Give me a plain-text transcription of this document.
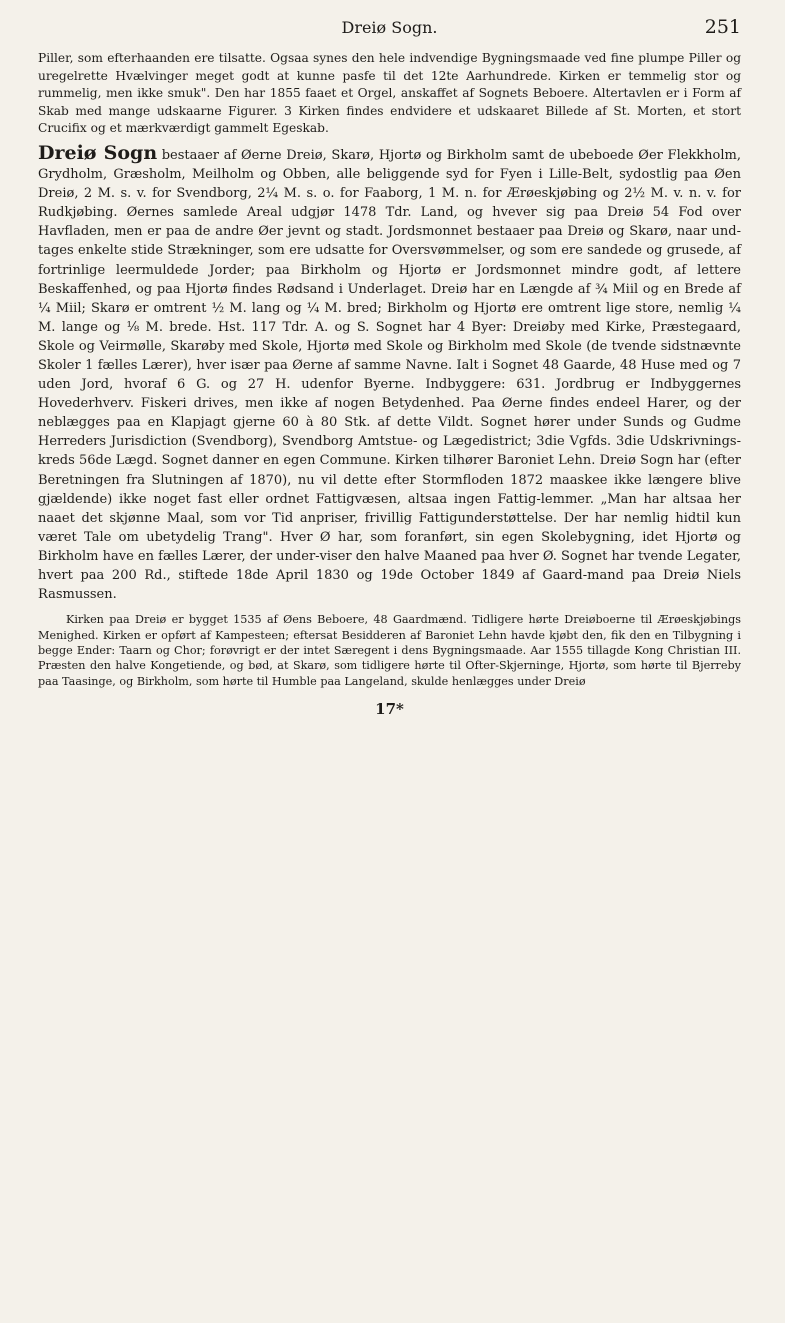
Dreiø Sogn.	251

Piller, som efterhaanden ere tilsatte. Ogsaa synes den hele indvendige Bygningsmaade ved fine plumpe Piller og uregelrette Hvælvinger meget godt at kunne pasfe til det 12te Aarhundrede. Kirken er temmelig stor og rummelig, men ikke smuk". Den har 1855 faaet et Orgel, anskaffet af Sognets Beboere. Altertavlen er i Form af Skab med mange udskaarne Figurer. 3 Kirken findes endvidere et udskaaret Billede af St. Morten, et stort Crucifix og et mærkværdigt gammelt Egeskab.

Dreiø Sogn bestaaer af Øerne Dreiø, Skarø, Hjortø og Birkholm samt de ubeboede Øer Flekkholm, Grydholm, Græsholm, Meilholm og Obben, alle beliggende syd for Fyen i Lille-Belt, sydostlig paa Øen Dreiø, 2 M. s. v. for Svendborg, 2¼ M. s. o. for Faaborg, 1 M. n. for Ærøeskjøbing og 2½ M. v. n. v. for Rudkjøbing. Øernes samlede Areal udgjør 1478 Tdr. Land, og hvever sig paa Dreiø 54 Fod over Havfladen, men er paa de andre Øer jevnt og stadt. Jordsmonnet bestaaer paa Dreiø og Skarø, naar und-tages enkelte stide Strækninger, som ere udsatte for Oversvømmelser, og som ere sandede og grusede, af fortrinlige leermuldede Jorder; paa Birkholm og Hjortø er Jordsmonnet mindre godt, af lettere Beskaffenhed, og paa Hjortø findes Rødsand i Underlaget. Dreiø har en Længde af ¾ Miil og en Brede af ¼ Miil; Skarø er omtrent ½ M. lang og ¼ M. bred; Birkholm og Hjortø ere omtrent lige store, nemlig ¼ M. lange og ⅛ M. brede. Hst. 117 Tdr. A. og S. Sognet har 4 Byer: Dreiøby med Kirke, Præstegaard, Skole og Veirmølle, Skarøby med Skole, Hjortø med Skole og Birkholm med Skole (de tvende sidstnævnte Skoler 1 fælles Lærer), hver især paa Øerne af samme Navne. Ialt i Sognet 48 Gaarde, 48 Huse med og 7 uden Jord, hvoraf 6 G. og 27 H. udenfor Byerne. Indbyggere: 631. Jordbrug er Indbyggernes Hovederhverv. Fiskeri drives, men ikke af nogen Betydenhed. Paa Øerne findes endeel Harer, og der neblægges paa en Klapjagt gjerne 60 à 80 Stk. af dette Vildt. Sognet hører under Sunds og Gudme Herreders Jurisdiction (Svendborg), Svendborg Amtstue- og Lægedistrict; 3die Vgfds. 3die Udskrivnings-kreds 56de Lægd. Sognet danner en egen Commune. Kirken tilhører Baroniet Lehn. Dreiø Sogn har (efter Beretningen fra Slutningen af 1870), nu vil dette efter Stormfloden 1872 maaskee ikke længere blive gjældende) ikke noget fast eller ordnet Fattigvæsen, altsaa ingen Fattig-lemmer. „Man har altsaa her naaet det skjønne Maal, som vor Tid anpriser, frivillig Fattigunderstøttelse. Der har nemlig hidtil kun været Tale om ubetydelig Trang". Hver Ø har, som foranført, sin egen Skolebygning, idet Hjortø og Birkholm have en fælles Lærer, der under-viser den halve Maaned paa hver Ø. Sognet har tvende Legater, hvert paa 200 Rd., stiftede 18de April 1830 og 19de October 1849 af Gaard-mand paa Dreiø Niels Rasmussen.

Kirken paa Dreiø er bygget 1535 af Øens Beboere, 48 Gaardmænd. Tidligere hørte Dreiøboerne til Ærøeskjøbings Menighed. Kirken er opført af Kampesteen; eftersat Besidderen af Baroniet Lehn havde kjøbt den, fik den en Tilbygning i begge Ender: Taarn og Chor; forøvrigt er der intet Særegent i dens Bygningsmaade. Aar 1555 tillagde Kong Christian III. Præsten den halve Kongetiende, og bød, at Skarø, som tidligere hørte til Ofter-Skjerninge, Hjortø, som hørte til Bjerreby paa Taasinge, og Birkholm, som hørte til Humble paa Langeland, skulde henlægges under Dreiø

17*
